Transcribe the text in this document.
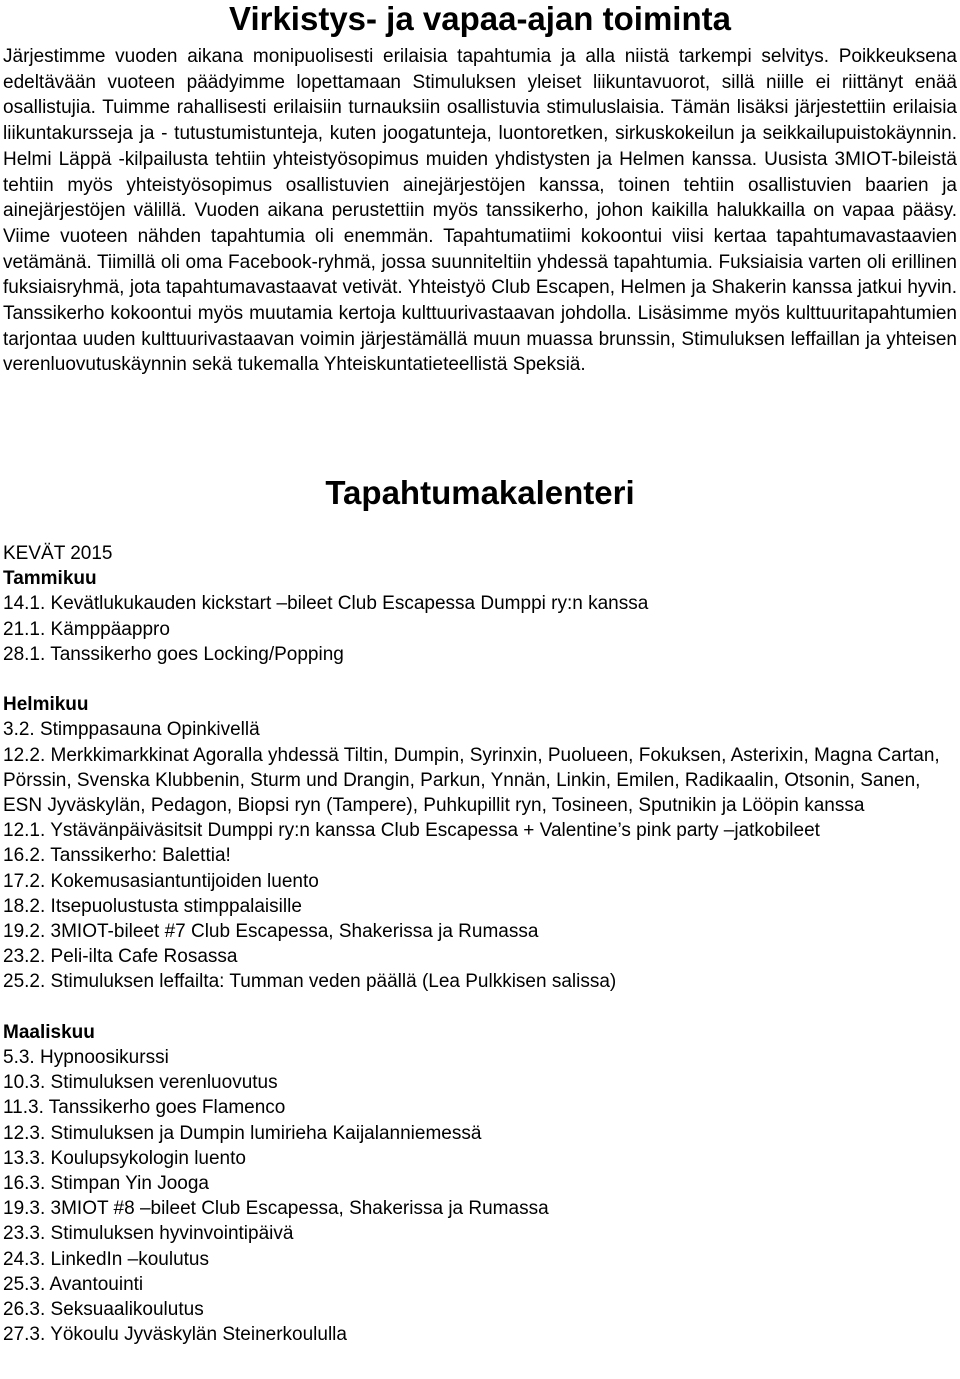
Virkistys- ja vapaa-ajan toiminta

Järjestimme vuoden aikana monipuolisesti erilaisia tapahtumia ja alla niistä tarkempi selvitys. Poikkeuksena edeltävään vuoteen päädyimme lopettamaan Stimuluksen yleiset liikuntavuorot, sillä niille ei riittänyt enää osallistujia. Tuimme rahallisesti erilaisiin turnauksiin osallistuvia stimuluslaisia. Tämän lisäksi järjestettiin erilaisia liikuntakursseja ja - tutustumistunteja, kuten joogatunteja, luontoretken, sirkuskokeilun ja seikkailupuistokäynnin. Helmi Läppä -kilpailusta tehtiin yhteistyösopimus muiden yhdistysten ja Helmen kanssa. Uusista 3MIOT-bileistä tehtiin myös yhteistyösopimus osallistuvien ainejärjestöjen kanssa, toinen tehtiin osallistuvien baarien ja ainejärjestöjen välillä. Vuoden aikana perustettiin myös tanssikerho, johon kaikilla halukkailla on vapaa pääsy. Viime vuoteen nähden tapahtumia oli enemmän. Tapahtumatiimi kokoontui viisi kertaa tapahtumavastaavien vetämänä. Tiimillä oli oma Facebook-ryhmä, jossa suunniteltiin yhdessä tapahtumia. Fuksiaisia varten oli erillinen fuksiaisryhmä, jota tapahtumavastaavat vetivät. Yhteistyö Club Escapen, Helmen ja Shakerin kanssa jatkui hyvin. Tanssikerho kokoontui myös muutamia kertoja kulttuurivastaavan johdolla. Lisäsimme myös kulttuuritapahtumien tarjontaa uuden kulttuurivastaavan voimin järjestämällä muun muassa brunssin, Stimuluksen leffaillan ja yhteisen verenluovutuskäynnin sekä tukemalla Yhteiskuntatieteellistä Speksiä.

Tapahtumakalenteri
KEVÄT 2015
Tammikuu
14.1. Kevätlukukauden kickstart –bileet Club Escapessa Dumppi ry:n kanssa
21.1. Kämppäappro
28.1. Tanssikerho goes Locking/Popping
Helmikuu
3.2. Stimppasauna Opinkivellä
12.2. Merkkimarkkinat Agoralla yhdessä Tiltin, Dumpin, Syrinxin, Puolueen, Fokuksen, Asterixin, Magna Cartan, Pörssin, Svenska Klubbenin, Sturm und Drangin, Parkun, Ynnän, Linkin, Emilen, Radikaalin, Otsonin, Sanen, ESN Jyväskylän, Pedagon, Biopsi ryn (Tampere), Puhkupillit ryn, Tosineen, Sputnikin ja Lööpin kanssa
12.1. Ystävänpäiväsitsit Dumppi ry:n kanssa Club Escapessa + Valentine’s pink party –jatkobileet
16.2. Tanssikerho: Balettia!
17.2. Kokemusasiantuntijoiden luento
18.2. Itsepuolustusta stimppalaisille
19.2. 3MIOT-bileet #7 Club Escapessa, Shakerissa ja Rumassa
23.2. Peli-ilta Cafe Rosassa
25.2. Stimuluksen leffailta: Tumman veden päällä (Lea Pulkkisen salissa)
Maaliskuu
5.3. Hypnoosikurssi
10.3. Stimuluksen verenluovutus
11.3. Tanssikerho goes Flamenco
12.3. Stimuluksen ja Dumpin lumirieha Kaijalanniemessä
13.3. Koulupsykologin luento
16.3. Stimpan Yin Jooga
19.3. 3MIOT #8 –bileet Club Escapessa, Shakerissa ja Rumassa
23.3. Stimuluksen hyvinvointipäivä
24.3. LinkedIn –koulutus
25.3. Avantouinti
26.3. Seksuaalikoulutus
27.3. Yökoulu Jyväskylän Steinerkoululla
